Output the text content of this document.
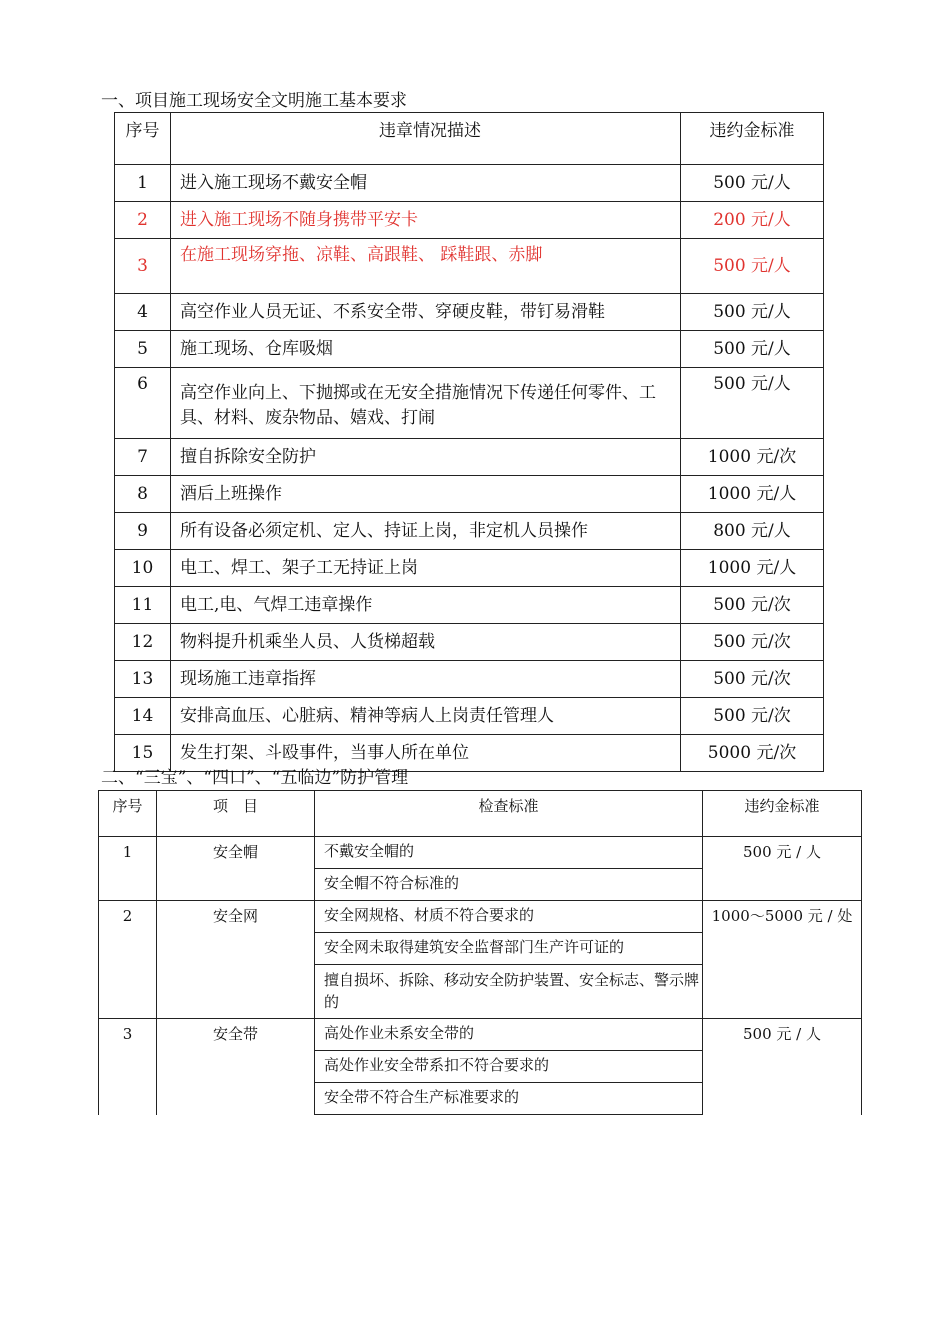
一、项目施工现场安全文明施工基本要求
序号	违章情况描述	违约金标准
1	进入施工现场不戴安全帽	500 元/人
2	进入施工现场不随身携带平安卡	200 元/人
3	在施工现场穿拖、凉鞋、高跟鞋、 踩鞋跟、赤脚	500 元/人
4	高空作业人员无证、不系安全带、穿硬皮鞋，带钉易滑鞋	500 元/人
5	施工现场、仓库吸烟	500 元/人
6	高空作业向上、下抛掷或在无安全措施情况下传递任何零件、工具、材料、废杂物品、嬉戏、打闹	500 元/人
7	擅自拆除安全防护	1000 元/次
8	酒后上班操作	1000 元/人
9	所有设备必须定机、定人、持证上岗，非定机人员操作	800 元/人
10	电工、焊工、架子工无持证上岗	1000 元/人
11	电工,电、气焊工违章操作	500 元/次
12	物料提升机乘坐人员、人货梯超载	500 元/次
13	现场施工违章指挥	500 元/次
14	安排高血压、心脏病、精神等病人上岗责任管理人	500 元/次
15	发生打架、斗殴事件，当事人所在单位	5000 元/次
二、“三宝”、“四口”、“五临边”防护管理
序号	项　目	检查标准	违约金标准
1	安全帽	不戴安全帽的	500 元 / 人
		安全帽不符合标准的	
2	安全网	安全网规格、材质不符合要求的	1000～5000 元 / 处
		安全网未取得建筑安全监督部门生产许可证的	
		擅自损坏、拆除、移动安全防护装置、安全标志、警示牌的	
3	安全带	高处作业未系安全带的	500 元 / 人
		高处作业安全带系扣不符合要求的	
		安全带不符合生产标准要求的	
